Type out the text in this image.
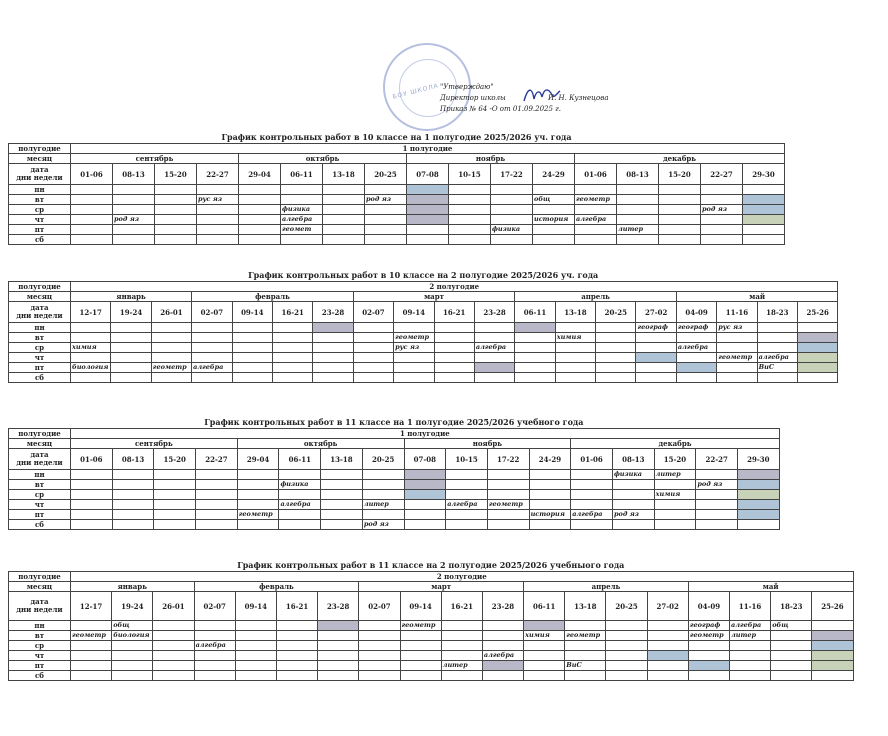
БОУ ШКОЛА "Утверждаю"
Директор школы	И. Н. Кузнецова
Приказ № 64 -О от 01.09.2025 г.
График контрольных работ в 10 классе на 1 полугодие 2025/2026 уч. года
полугодие	1 полугодие																
месяц	сентябрь				октябрь				ноябрь				декабрь				

дата
дни недели	01-06	08-13	15-20	22-27	29-04	06-11	13-18	20-25	07-08	10-15	17-22	24-29	01-06	08-13	15-20	22-27	29-30
пн																	
вт				рус яз				род яз				общ	геометр				
ср						физика										род яз	
чт		род яз				алгебра						история	алгебра				
пт						геомет					физика			литер			
сб																	
График контрольных работ в 10 классе на 2 полугодие 2025/2026 уч. года
полугодие	2 полугодие																		
месяц	январь			февраль				март				апрель				май			

дата
дни недели	12-17	19-24	26-01	02-07	09-14	16-21	23-28	02-07	09-14	16-21	23-28	06-11	13-18	20-25	27-02	04-09	11-16	18-23	25-26
пн															географ	географ	рус яз		
вт									геометр				химия						
ср	химия								рус яз		алгебра					алгебра			
чт																	геометр	алгебра	
пт	биология		геометр	алгебра														ВиС	
сб																			
График контрольных работ в 11 классе на 1 полугодие 2025/2026 учебного года
полугодие	1 полугодие																
месяц	сентябрь				октябрь				ноябрь				декабрь				

дата
дни недели	01-06	08-13	15-20	22-27	29-04	06-11	13-18	20-25	07-08	10-15	17-22	24-29	01-06	08-13	15-20	22-27	29-30
пн														физика	литер		
вт						физика										род яз	
ср															химия		
чт						алгебра		литер		алгебра	геометр						
пт					геометр							история	алгебра	род яз			
сб								род яз									
График контрольных работ в 11 классе на 2 полугодие 2025/2026 учебныого года
полугодие	2 полугодие																		
месяц	январь			февраль				март				апрель				май			

дата
дни недели	12-17	19-24	26-01	02-07	09-14	16-21	23-28	02-07	09-14	16-21	23-28	06-11	13-18	20-25	27-02	04-09	11-16	18-23	25-26
пн		общ							геометр							географ	алгебра	общ	
вт	геометр	биология										химия	геометр			геометр	литер		
ср				алгебра															
чт											алгебра								
пт										литер			ВиС						
сб																			
